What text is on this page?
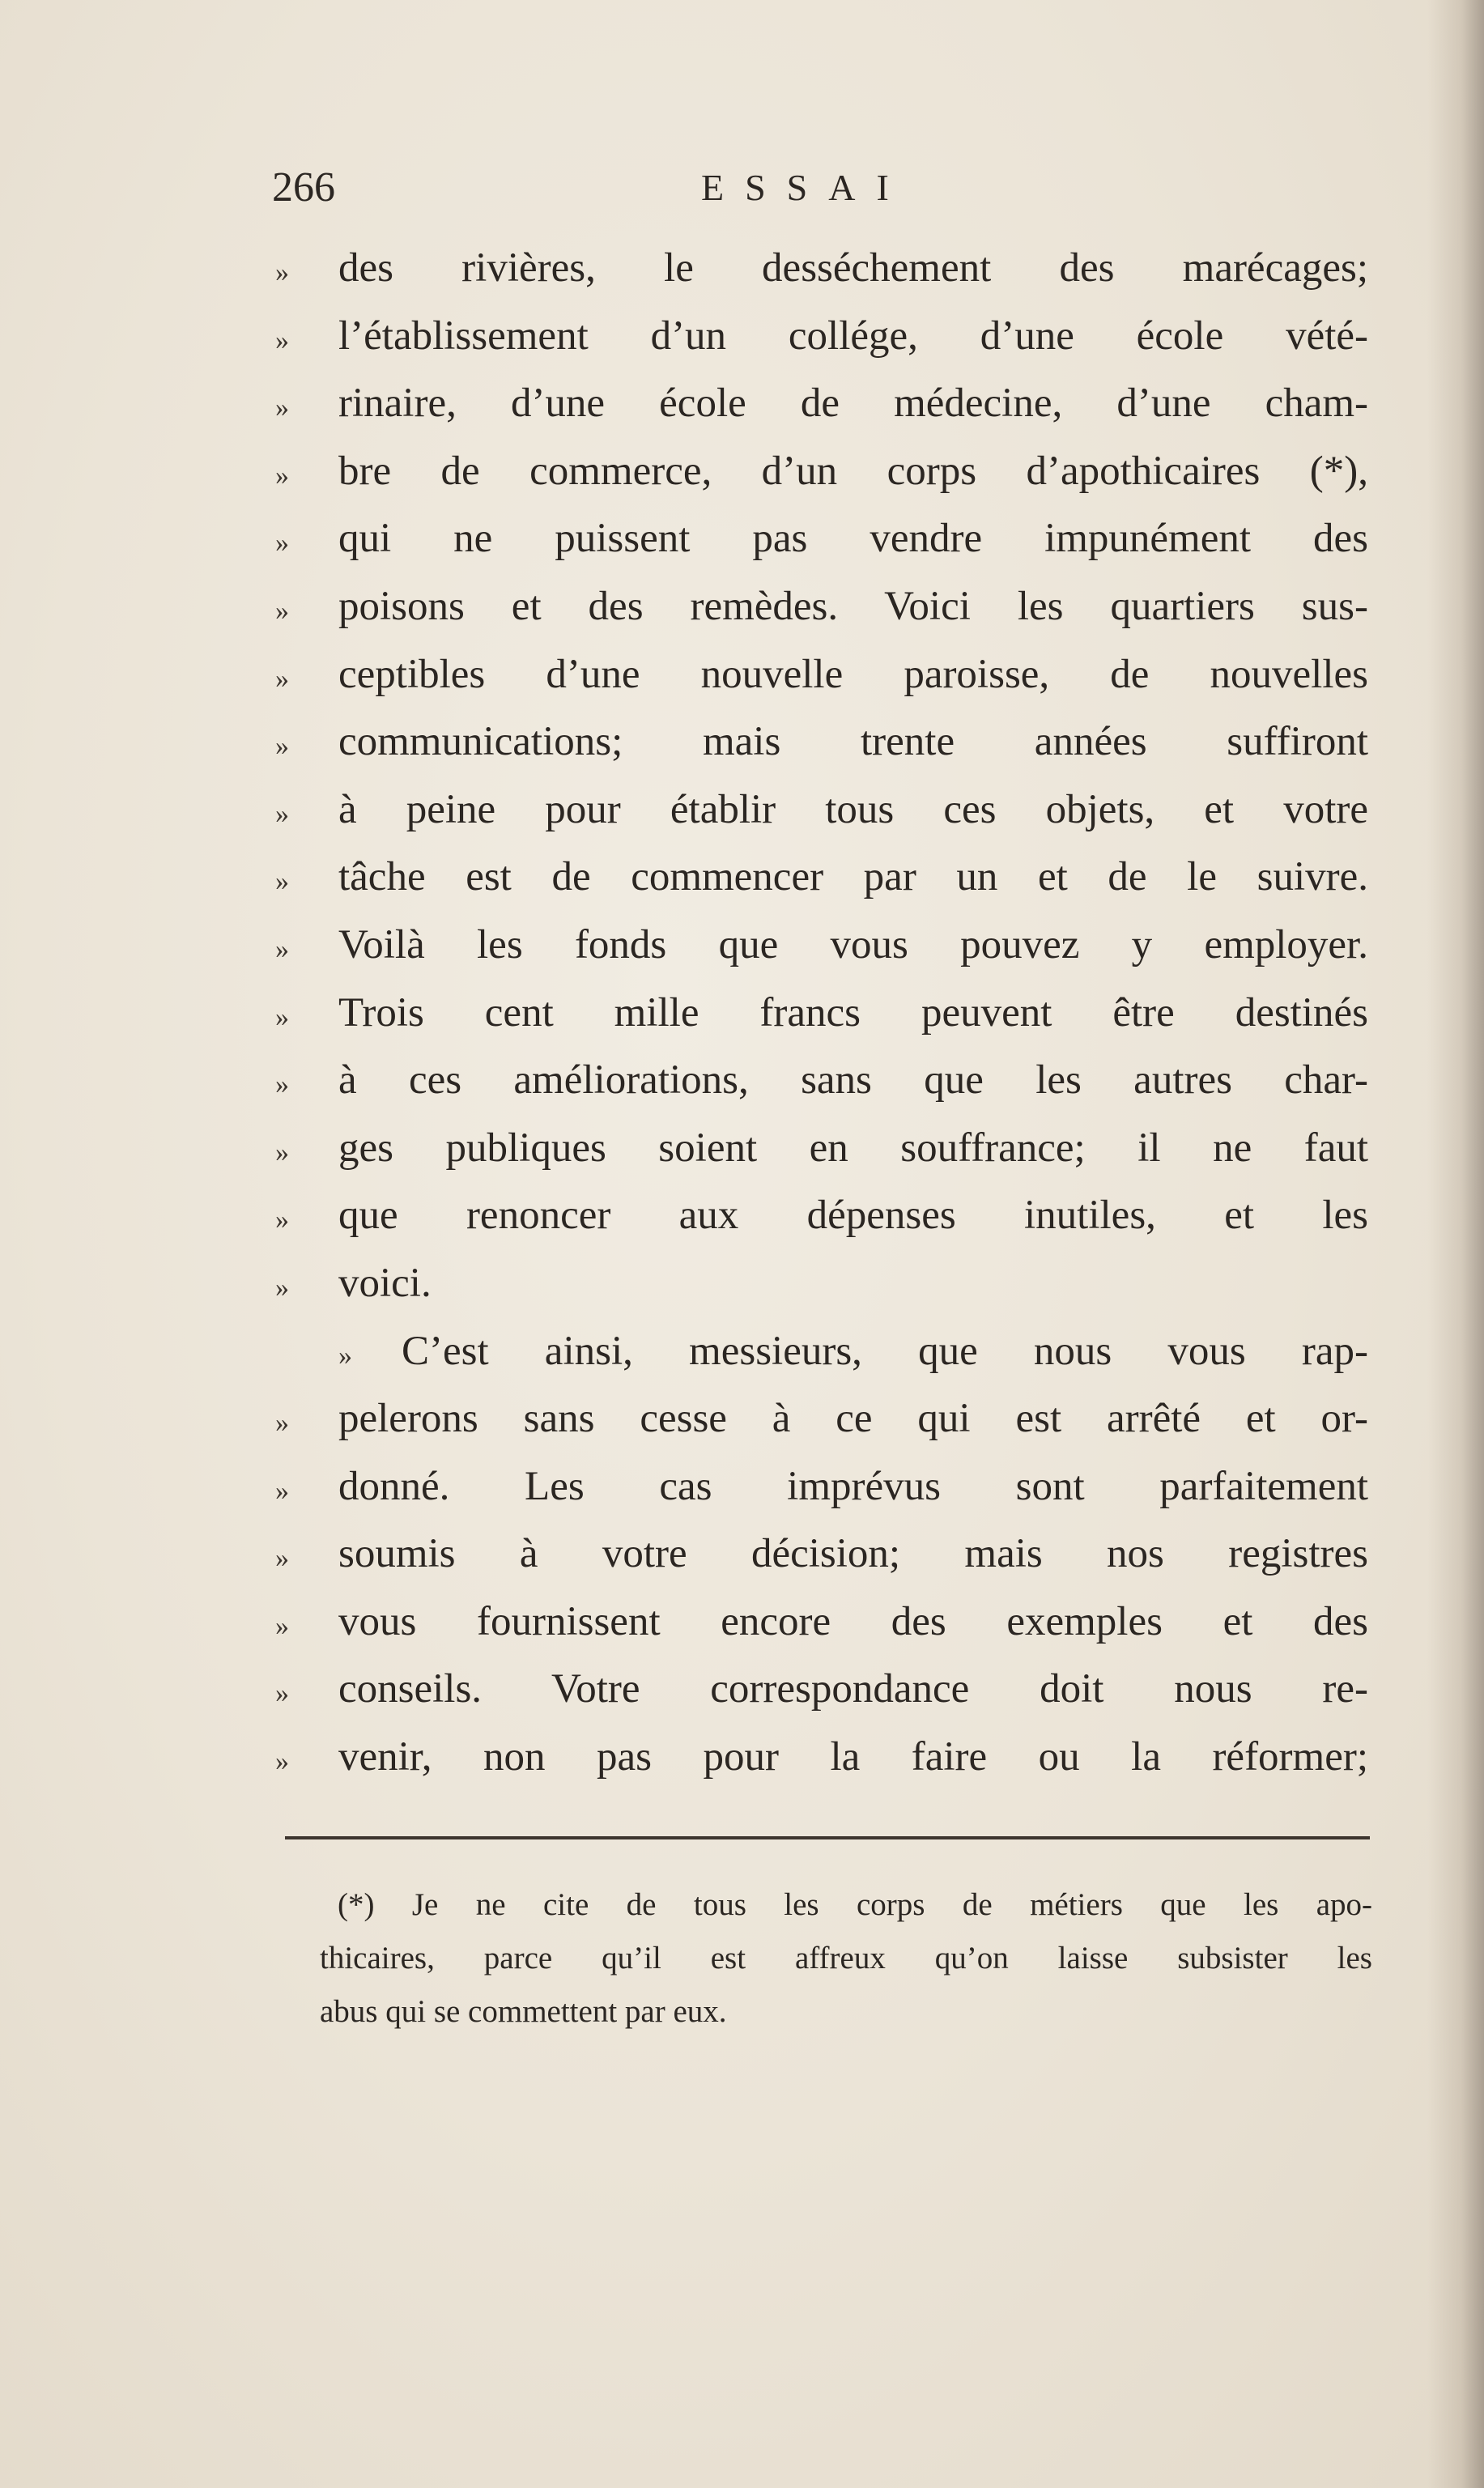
266	ESSAI
»	des rivières, le desséchement des marécages;
»	l’établissement d’un collége, d’une école vété-
»	rinaire, d’une école de médecine, d’une cham-
»	bre de commerce, d’un corps d’apothicaires (*),
»	qui ne puissent pas vendre impunément des
»	poisons et des remèdes. Voici les quartiers sus-
»	ceptibles d’une nouvelle paroisse, de nouvelles
»	communications; mais trente années suffiront
»	à peine pour établir tous ces objets, et votre
»	tâche est de commencer par un et de le suivre.
»	Voilà les fonds que vous pouvez y employer.
»	Trois cent mille francs peuvent être destinés
»	à ces améliorations, sans que les autres char-
»	ges publiques soient en souffrance; il ne faut
»	que renoncer aux dépenses inutiles, et les
»	voici.
»	C’est ainsi, messieurs, que nous vous rap-
»	pelerons sans cesse à ce qui est arrêté et or-
»	donné. Les cas imprévus sont parfaitement
»	soumis à votre décision; mais nos registres
»	vous fournissent encore des exemples et des
»	conseils. Votre correspondance doit nous re-
»	venir, non pas pour la faire ou la réformer;
(*) Je ne cite de tous les corps de métiers que les apo-
thicaires, parce qu’il est affreux qu’on laisse subsister les
abus qui se commettent par eux.
